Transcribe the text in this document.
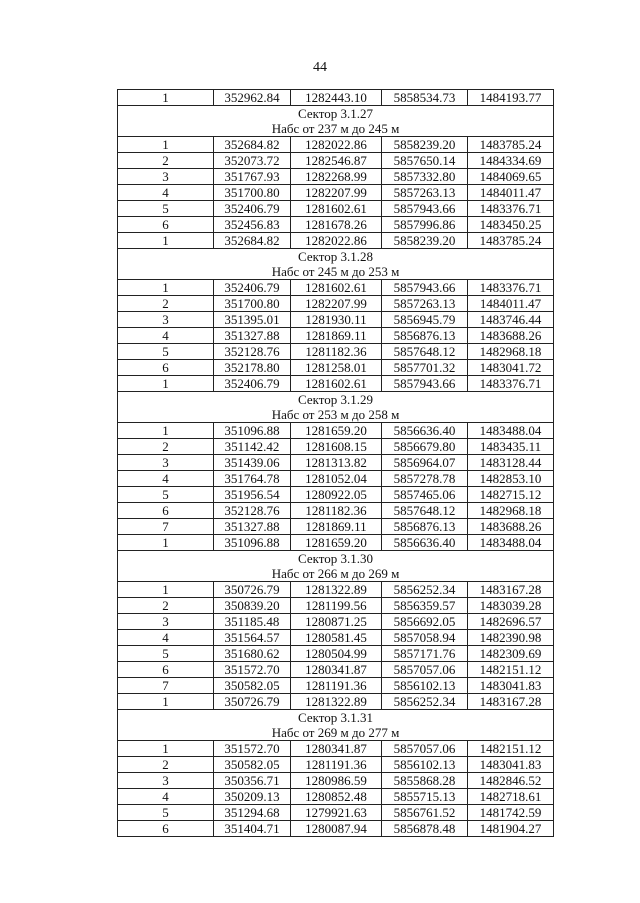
44
1	352962.84	1282443.10	5858534.73	1484193.77

Сектор 3.1.27
Набс от 237 м до 245 м				

1	352684.82	1282022.86	5858239.20	1483785.24
2	352073.72	1282546.87	5857650.14	1484334.69
3	351767.93	1282268.99	5857332.80	1484069.65
4	351700.80	1282207.99	5857263.13	1484011.47
5	352406.79	1281602.61	5857943.66	1483376.71
6	352456.83	1281678.26	5857996.86	1483450.25
1	352684.82	1282022.86	5858239.20	1483785.24

Сектор 3.1.28
Набс от 245 м до 253 м				

1	352406.79	1281602.61	5857943.66	1483376.71
2	351700.80	1282207.99	5857263.13	1484011.47
3	351395.01	1281930.11	5856945.79	1483746.44
4	351327.88	1281869.11	5856876.13	1483688.26
5	352128.76	1281182.36	5857648.12	1482968.18
6	352178.80	1281258.01	5857701.32	1483041.72
1	352406.79	1281602.61	5857943.66	1483376.71

Сектор 3.1.29
Набс от 253 м до 258 м				

1	351096.88	1281659.20	5856636.40	1483488.04
2	351142.42	1281608.15	5856679.80	1483435.11
3	351439.06	1281313.82	5856964.07	1483128.44
4	351764.78	1281052.04	5857278.78	1482853.10
5	351956.54	1280922.05	5857465.06	1482715.12
6	352128.76	1281182.36	5857648.12	1482968.18
7	351327.88	1281869.11	5856876.13	1483688.26
1	351096.88	1281659.20	5856636.40	1483488.04

Сектор 3.1.30
Набс от 266 м до 269 м				

1	350726.79	1281322.89	5856252.34	1483167.28
2	350839.20	1281199.56	5856359.57	1483039.28
3	351185.48	1280871.25	5856692.05	1482696.57
4	351564.57	1280581.45	5857058.94	1482390.98
5	351680.62	1280504.99	5857171.76	1482309.69
6	351572.70	1280341.87	5857057.06	1482151.12
7	350582.05	1281191.36	5856102.13	1483041.83
1	350726.79	1281322.89	5856252.34	1483167.28

Сектор 3.1.31
Набс от 269 м до 277 м				

1	351572.70	1280341.87	5857057.06	1482151.12
2	350582.05	1281191.36	5856102.13	1483041.83
3	350356.71	1280986.59	5855868.28	1482846.52
4	350209.13	1280852.48	5855715.13	1482718.61
5	351294.68	1279921.63	5856761.52	1481742.59
6	351404.71	1280087.94	5856878.48	1481904.27
